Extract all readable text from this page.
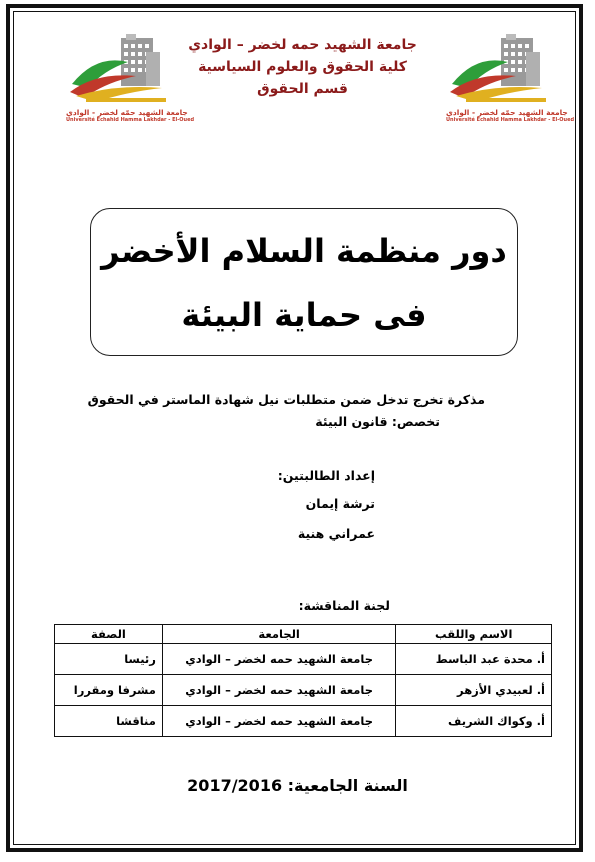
جامعة الشهيد حمّه لخضر - الوادي
Université Echahid Hamma Lakhdar - El-Oued
جامعة الشهيد حمّه لخضر - الوادي
Université Echahid Hamma Lakhdar - El-Oued
جامعة الشهيد حمه لخضر – الوادي
كلية الحقوق والعلوم السياسية
قسم الحقوق
دور منظمة السلام الأخضر
فى حماية البيئة
مذكرة تخرج تدخل ضمن متطلبات نيل شهادة الماستر في الحقوق
تخصص: قانون البيئة
إعداد الطالبتين:
ترشة إيمان
عمراني هنية
لجنة المناقشة:
الاسم واللقب	الجامعة	الصفة
أ. محدة عبد الباسط	جامعة الشهيد حمه لخضر – الوادي	رئيسا
أ. لعبيدي الأزهر	جامعة الشهيد حمه لخضر – الوادي	مشرفا ومقررا
أ. وكواك الشريف	جامعة الشهيد حمه لخضر – الوادي	مناقشا
السنة الجامعية: 2017/2016
